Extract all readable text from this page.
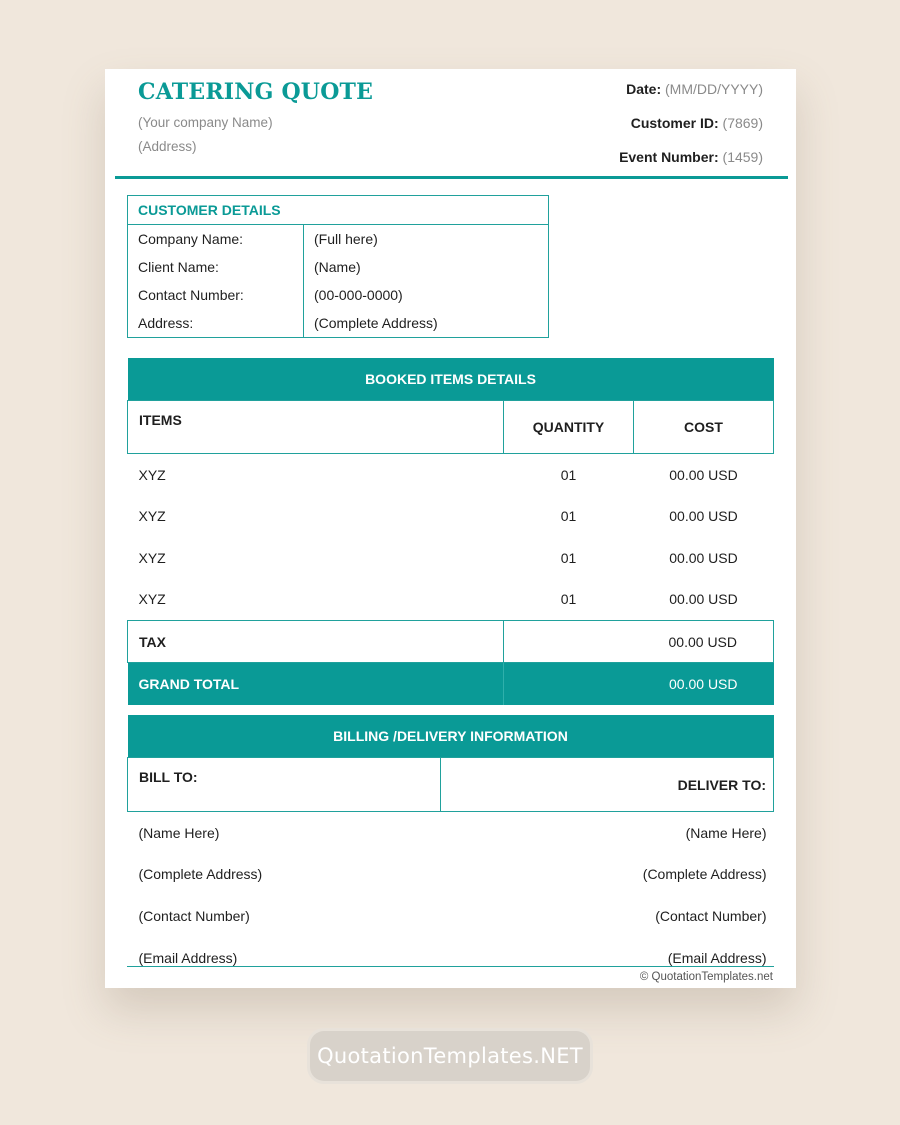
CATERING QUOTE
(Your company Name)
(Address)
Date: (MM/DD/YYYY)
Customer ID: (7869)
Event Number: (1459)
CUSTOMER DETAILS	
Company Name:	(Full here)
Client Name:	(Name)
Contact Number:	(00-000-0000)
Address:	(Complete Address)
BOOKED ITEMS DETAILS		
ITEMS	QUANTITY	COST
XYZ	01	00.00 USD
XYZ	01	00.00 USD
XYZ	01	00.00 USD
XYZ	01	00.00 USD
TAX	00.00 USD	
GRAND TOTAL	00.00 USD	
BILLING /DELIVERY INFORMATION	
BILL TO:	DELIVER TO:
(Name Here)	(Name Here)
(Complete Address)	(Complete Address)
(Contact Number)	(Contact Number)
(Email Address)	(Email Address)
© QuotationTemplates.net
QuotationTemplates.NET
